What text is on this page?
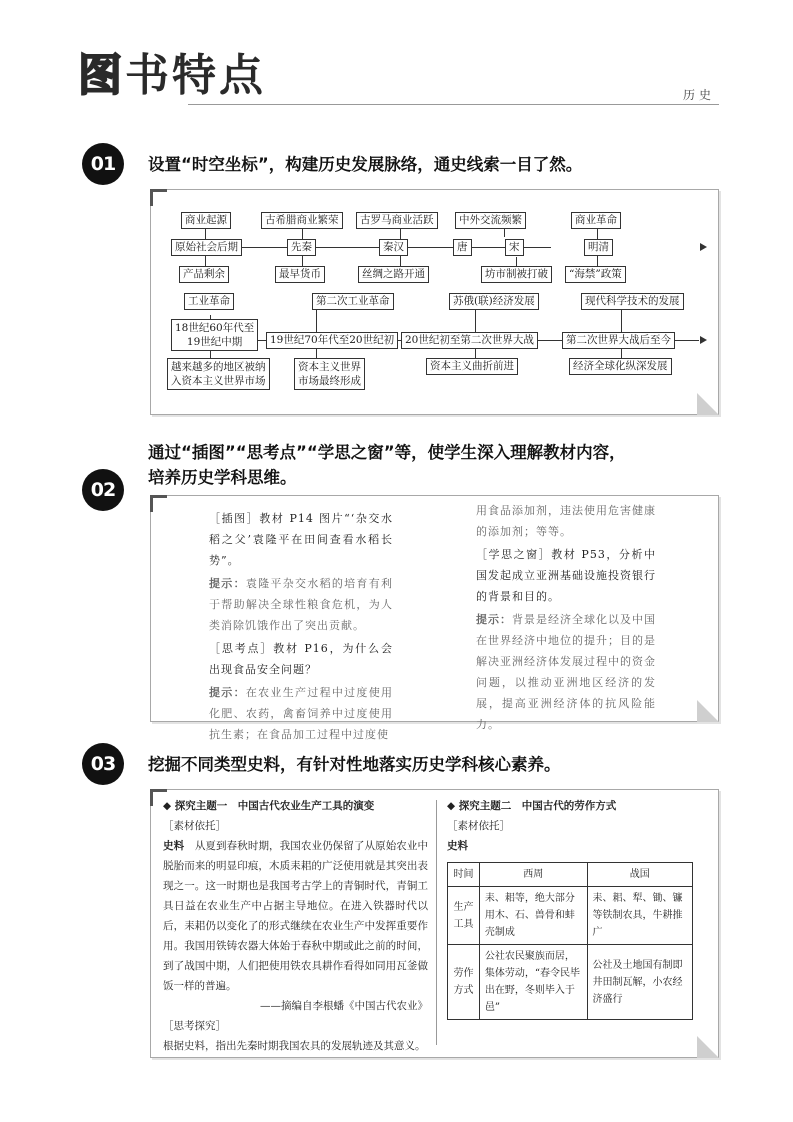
图书特点	历史
01	设置“时空坐标”，构建历史发展脉络，通史线索一目了然。
商业起源	古希腊商业繁荣	古罗马商业活跃	中外交流频繁	商业革命
原始社会后期	先秦	秦汉	唐	宋	明清
产品剩余	最早货币	丝绸之路开通	坊市制被打破	“海禁”政策
工业革命	第二次工业革命	苏俄(联)经济发展	现代科学技术的发展
18世纪60年代至
19世纪中期	19世纪70年代至20世纪初	20世纪初至第二次世界大战	第二次世界大战后至今
越来越多的地区被纳
入资本主义世界市场
资本主义世界
市场最终形成
资本主义曲折前进	经济全球化纵深发展
02
通过“插图”“思考点”“学思之窗”等，使学生深入理解教材内容，
培养历史学科思维。

［插图］教材 P14 图片“‘杂交水稻之父’袁隆平在田间查看水稻长势”。

提示：袁隆平杂交水稻的培育有利于帮助解决全球性粮食危机，为人类消除饥饿作出了突出贡献。

［思考点］教材 P16，为什么会出现食品安全问题？

提示：在农业生产过程中过度使用化肥、农药，禽畜饲养中过度使用抗生素；在食品加工过程中过度使

用食品添加剂，违法使用危害健康的添加剂；等等。

［学思之窗］教材 P53，分析中国发起成立亚洲基础设施投资银行的背景和目的。

提示：背景是经济全球化以及中国在世界经济中地位的提升；目的是解决亚洲经济体发展过程中的资金问题，以推动亚洲地区经济的发展，提高亚洲经济体的抗风险能力。

03	挖掘不同类型史料，有针对性地落实历史学科核心素养。
◆ 探究主题一　中国古代农业生产工具的演变
［素材依托］
史料　 从夏到春秋时期，我国农业仍保留了从原始农业中脱胎而来的明显印痕，木质耒耜的广泛使用就是其突出表现之一。这一时期也是我国考古学上的青铜时代，青铜工具日益在农业生产中占据主导地位。在进入铁器时代以后，耒耜仍以变化了的形式继续在农业生产中发挥重要作用。我国用铁铸农器大体始于春秋中期或此之前的时间，到了战国中期，人们把使用铁农具耕作看得如同用瓦釜做饭一样的普遍。
——摘编自李根蟠《中国古代农业》
［思考探究］
根据史料，指出先秦时期我国农具的发展轨迹及其意义。
◆ 探究主题二　中国古代的劳作方式
［素材依托］
史料
时间	西周	战国
生产工具	耒、耜等，绝大部分用木、石、兽骨和蚌壳制成	耒、耜、犁、锄、镰等铁制农具，牛耕推广
劳作方式	公社农民聚族而居，集体劳动，“春令民毕出在野，冬则毕入于邑”	公社及土地国有制即井田制瓦解，小农经济盛行
